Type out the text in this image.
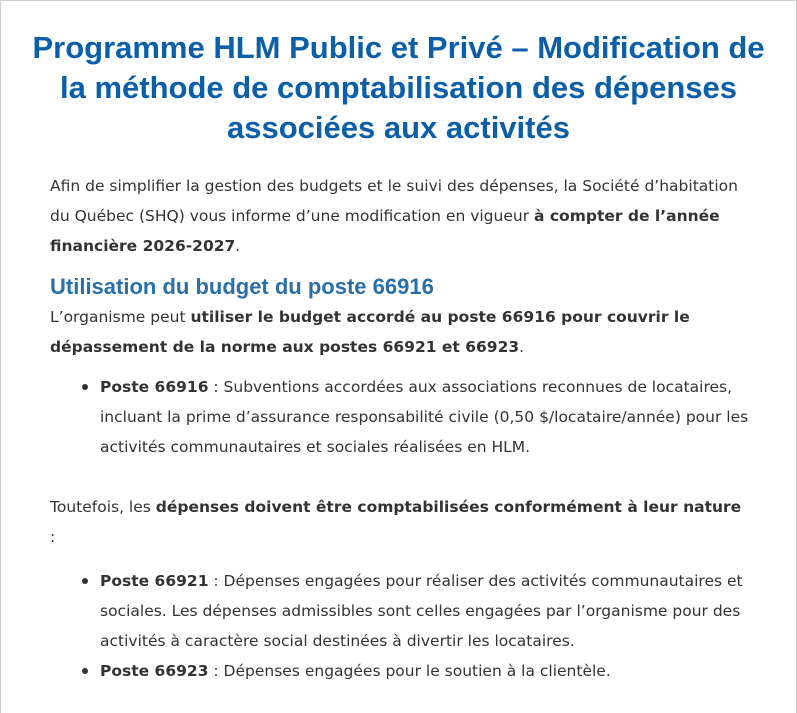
Programme HLM Public et Privé – Modification de la méthode de comptabilisation des dépenses associées aux activités

Afin de simplifier la gestion des budgets et le suivi des dépenses, la Société d’habitation du Québec (SHQ) vous informe d’une modification en vigueur à compter de l’année financière 2026-2027.

Utilisation du budget du poste 66916

L’organisme peut utiliser le budget accordé au poste 66916 pour couvrir le dépassement de la norme aux postes 66921 et 66923.

Poste 66916 : Subventions accordées aux associations reconnues de locataires, incluant la prime d’assurance responsabilité civile (0,50 $/locataire/année) pour les activités communautaires et sociales réalisées en HLM.

Toutefois, les dépenses doivent être comptabilisées conformément à leur nature :

Poste 66921 : Dépenses engagées pour réaliser des activités communautaires et sociales. Les dépenses admissibles sont celles engagées par l’organisme pour des activités à caractère social destinées à divertir les locataires.
Poste 66923 : Dépenses engagées pour le soutien à la clientèle.
